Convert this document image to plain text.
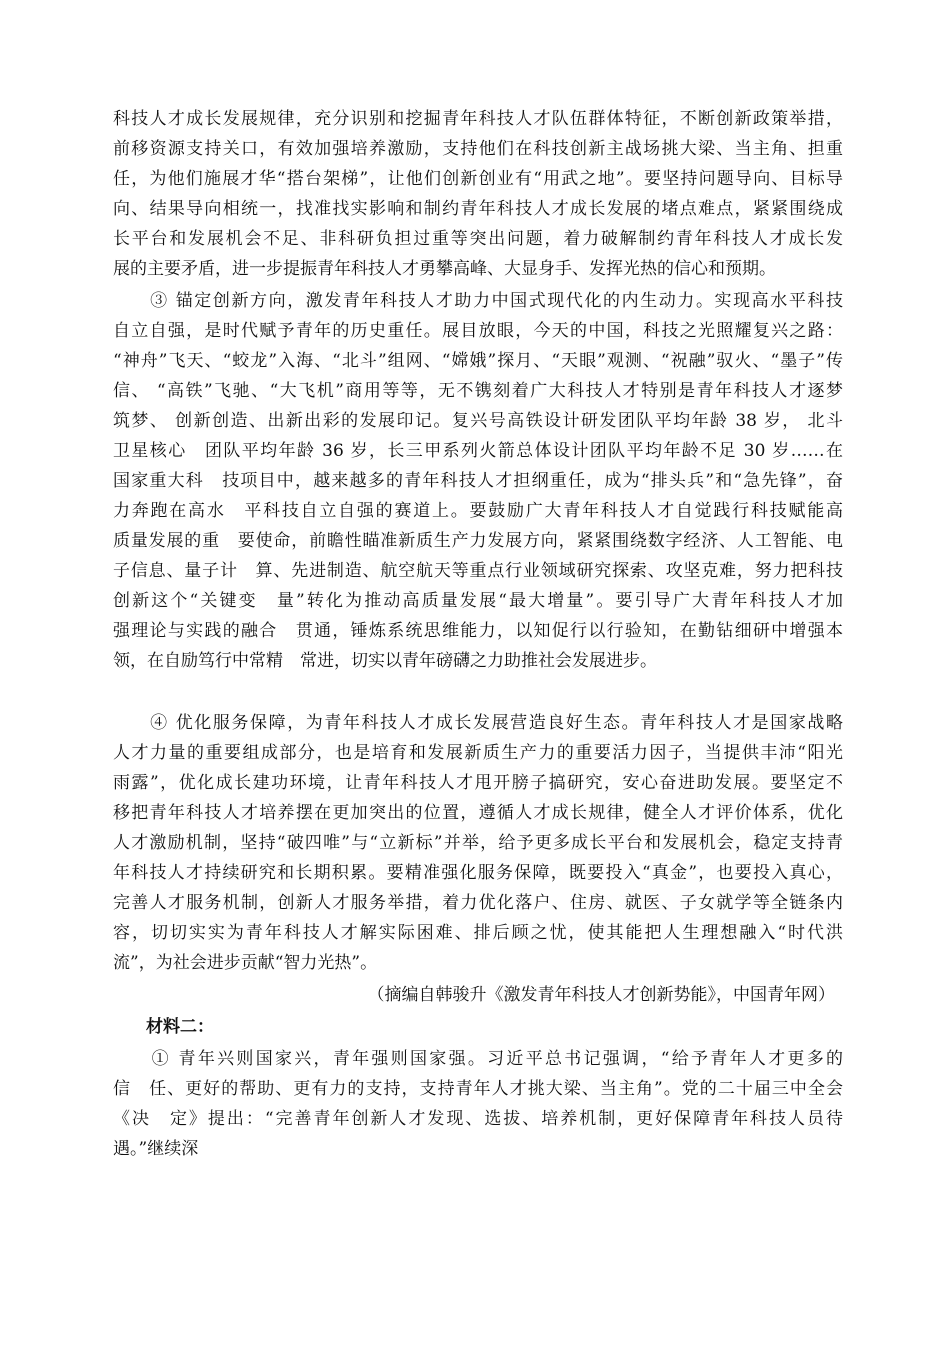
科技人才成长发展规律，充分识别和挖掘青年科技人才队伍群体特征，不断创新政策举措，
前移资源支持关口，有效加强培养激励，支持他们在科技创新主战场挑大梁、当主角、担重
任，为他们施展才华“搭台架梯”，让他们创新创业有“用武之地”。要坚持问题导向、目标导
向、结果导向相统一，找准找实影响和制约青年科技人才成长发展的堵点难点，紧紧围绕成
长平台和发展机会不足、非科研负担过重等突出问题，着力破解制约青年科技人才成长发
展的主要矛盾，进一步提振青年科技人才勇攀高峰、大显身手、发挥光热的信心和预期。
　　③ 锚定创新方向，激发青年科技人才助力中国式现代化的内生动力。实现高水平科技
自立自强，是时代赋予青年的历史重任。展目放眼，今天的中国，科技之光照耀复兴之路：
“神舟”飞天、“蛟龙”入海、“北斗”组网、“嫦娥”探月、“天眼”观测、“祝融”驭火、“墨子”传
信、 “高铁”飞驰、“大飞机”商用等等，无不镌刻着广大科技人才特别是青年科技人才逐梦
筑梦、 创新创造、出新出彩的发展印记。复兴号高铁设计研发团队平均年龄 38 岁， 北斗
卫星核心　团队平均年龄 36 岁，长三甲系列火箭总体设计团队平均年龄不足 30 岁……在
国家重大科　技项目中，越来越多的青年科技人才担纲重任，成为“排头兵”和“急先锋”，奋
力奔跑在高水　平科技自立自强的赛道上。要鼓励广大青年科技人才自觉践行科技赋能高
质量发展的重　要使命，前瞻性瞄准新质生产力发展方向，紧紧围绕数字经济、人工智能、电
子信息、量子计　算、先进制造、航空航天等重点行业领域研究探索、攻坚克难，努力把科技
创新这个“关键变　量”转化为推动高质量发展“最大增量”。要引导广大青年科技人才加
强理论与实践的融合　贯通，锤炼系统思维能力，以知促行以行验知，在勤钻细研中增强本
领，在自励笃行中常精　常进，切实以青年磅礴之力助推社会发展进步。
　　④ 优化服务保障，为青年科技人才成长发展营造良好生态。青年科技人才是国家战略
人才力量的重要组成部分，也是培育和发展新质生产力的重要活力因子，当提供丰沛“阳光
雨露”，优化成长建功环境，让青年科技人才甩开膀子搞研究，安心奋进助发展。要坚定不
移把青年科技人才培养摆在更加突出的位置，遵循人才成长规律，健全人才评价体系，优化
人才激励机制，坚持“破四唯”与“立新标”并举，给予更多成长平台和发展机会，稳定支持青
年科技人才持续研究和长期积累。要精准强化服务保障，既要投入“真金”，也要投入真心，
完善人才服务机制，创新人才服务举措，着力优化落户、住房、就医、子女就学等全链条内
容，切切实实为青年科技人才解实际困难、排后顾之忧，使其能把人生理想融入“时代洪
流”，为社会进步贡献“智力光热”。
（摘编自韩骏升《激发青年科技人才创新势能》，中国青年网）
材料二：
　　① 青年兴则国家兴，青年强则国家强。习近平总书记强调，“给予青年人才更多的
信　任、更好的帮助、更有力的支持，支持青年人才挑大梁、当主角”。党的二十届三中全会
《决　定》提出：“完善青年创新人才发现、选拔、培养机制，更好保障青年科技人员待
遇。”继续深
